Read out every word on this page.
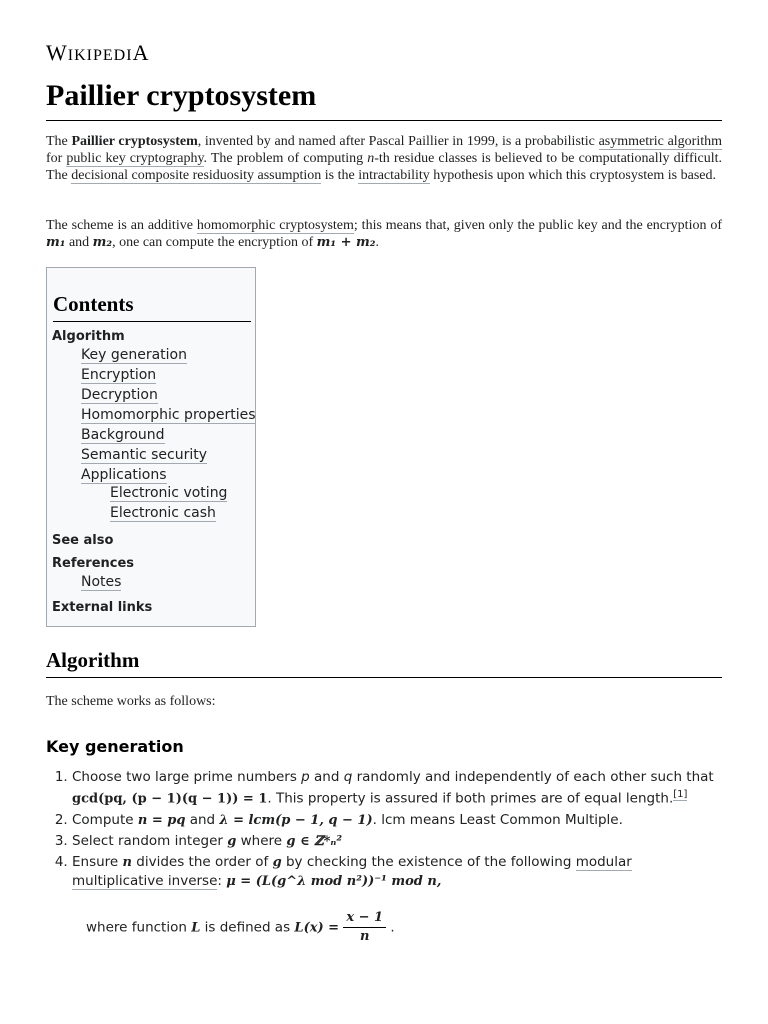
WIKIPEDIA
Paillier cryptosystem

The Paillier cryptosystem, invented by and named after Pascal Paillier in 1999, is a probabilistic asymmetric algorithm for public key cryptography. The problem of computing n-th residue classes is believed to be computationally difficult. The decisional composite residuosity assumption is the intractability hypothesis upon which this cryptosystem is based.

The scheme is an additive homomorphic cryptosystem; this means that, given only the public key and the encryption of m₁ and m₂, one can compute the encryption of m₁ + m₂.

Contents
Algorithm
Key generation
Encryption
Decryption
Homomorphic properties
Background
Semantic security
Applications
Electronic voting
Electronic cash
See also
References
Notes
External links
Algorithm

The scheme works as follows:

Key generation
1. Choose two large prime numbers p and q randomly and independently of each other such that
gcd(pq, (p − 1)(q − 1)) = 1. This property is assured if both primes are of equal length.[1]
2. Compute n = pq and λ = lcm(p − 1, q − 1). lcm means Least Common Multiple.
3. Select random integer g where g ∈ ℤ*ₙ²
4. Ensure n divides the order of g by checking the existence of the following modular multiplicative inverse: μ = (L(g^λ mod n²))⁻¹ mod n,
where function L is defined as $L(x) = \frac{x - 1}{n}$ .
